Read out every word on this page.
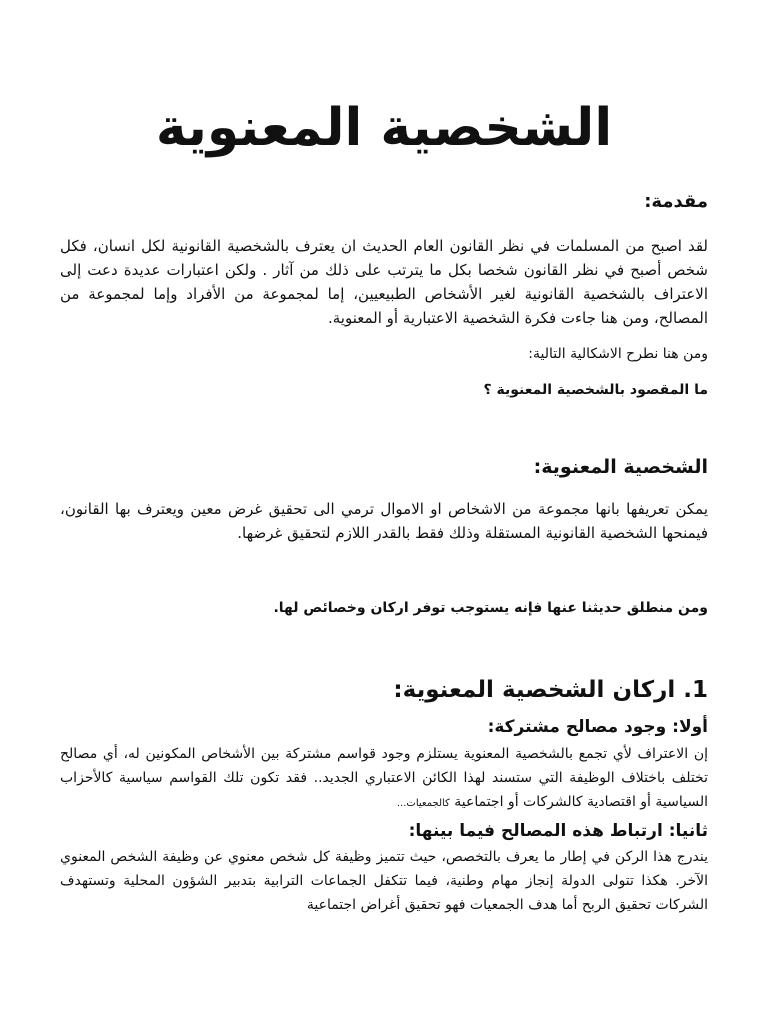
الشخصية المعنوية
مقدمة:

لقد اصبح من المسلمات في نظر القانون العام الحديث ان يعترف بالشخصية القانونية لكل انسان، فكل شخص أصبح في نظر القانون شخصا بكل ما يترتب على ذلك من آثار . ولكن اعتبارات عديدة دعت إلى الاعتراف بالشخصية القانونية لغير الأشخاص الطبيعيين، إما لمجموعة من الأفراد وإما لمجموعة من المصالح، ومن هنا جاءت فكرة الشخصية الاعتبارية أو المعنوية.

ومن هنا نطرح الاشكالية التالية:

ما المقصود بالشخصية المعنوية ؟

الشخصية المعنوية:

يمكن تعريفها بانها مجموعة من الاشخاص او الاموال ترمي الى تحقيق غرض معين ويعترف بها القانون، فيمنحها الشخصية القانونية المستقلة وذلك فقط بالقدر اللازم لتحقيق غرضها.

ومن منطلق حديثنا عنها فإنه يستوجب توفر اركان وخصائص لها.

1. اركان الشخصية المعنوية:
أولا: وجود مصالح مشتركة:

إن الاعتراف لأي تجمع بالشخصية المعنوية يستلزم وجود قواسم مشتركة بين الأشخاص المكونين له، أي مصالح تختلف باختلاف الوظيفة التي ستسند لهذا الكائن الاعتباري الجديد.. فقد تكون تلك القواسم سياسية كالأحزاب السياسية أو اقتصادية كالشركات أو اجتماعية كالجمعيات...

ثانيا: ارتباط هذه المصالح فيما بينها:

يندرج هذا الركن في إطار ما يعرف بالتخصص، حيث تتميز وظيفة كل شخص معنوي عن وظيفة الشخص المعنوي الآخر. هكذا تتولى الدولة إنجاز مهام وطنية، فيما تتكفل الجماعات الترابية بتدبير الشؤون المحلية وتستهدف الشركات تحقيق الربح أما هدف الجمعيات فهو تحقيق أغراض اجتماعية
